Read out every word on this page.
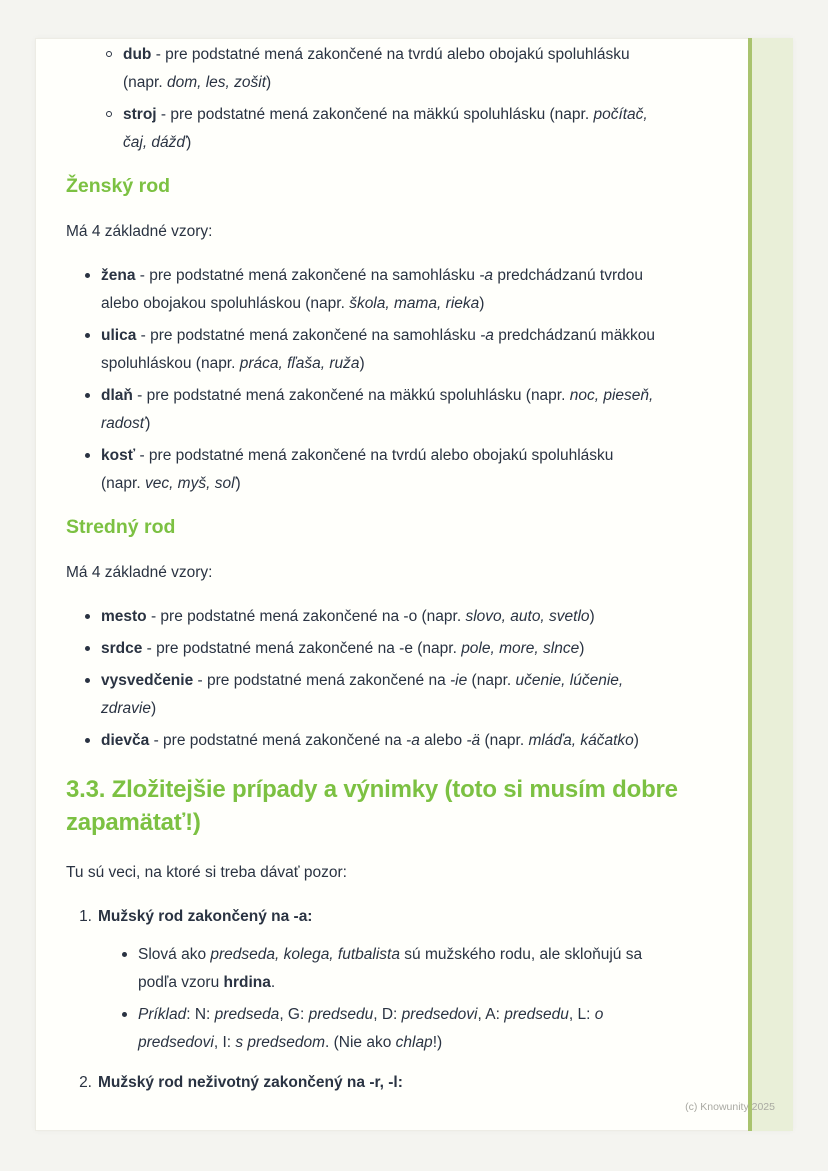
dub - pre podstatné mená zakončené na tvrdú alebo obojakú spoluhlásku (napr. dom, les, zošit)
stroj - pre podstatné mená zakončené na mäkkú spoluhlásku (napr. počítač, čaj, dážď)
Ženský rod

Má 4 základné vzory:

žena - pre podstatné mená zakončené na samohlásku -a predchádzanú tvrdou alebo obojakou spoluhláskou (napr. škola, mama, rieka)
ulica - pre podstatné mená zakončené na samohlásku -a predchádzanú mäkkou spoluhláskou (napr. práca, fľaša, ruža)
dlaň - pre podstatné mená zakončené na mäkkú spoluhlásku (napr. noc, pieseň, radosť)
kosť - pre podstatné mená zakončené na tvrdú alebo obojakú spoluhlásku (napr. vec, myš, soľ)
Stredný rod

Má 4 základné vzory:

mesto - pre podstatné mená zakončené na -o (napr. slovo, auto, svetlo)
srdce - pre podstatné mená zakončené na -e (napr. pole, more, slnce)
vysvedčenie - pre podstatné mená zakončené na -ie (napr. učenie, lúčenie, zdravie)
dievča - pre podstatné mená zakončené na -a alebo -ä (napr. mláďa, káčatko)
3.3. Zložitejšie prípady a výnimky (toto si musím dobre zapamätať!)

Tu sú veci, na ktoré si treba dávať pozor:

1. Mužský rod zakončený na -a:
Slová ako predseda, kolega, futbalista sú mužského rodu, ale skloňujú sa podľa vzoru hrdina.
Príklad: N: predseda, G: predsedu, D: predsedovi, A: predsedu, L: o predsedovi, I: s predsedom. (Nie ako chlap!)
2. Mužský rod neživotný zakončený na -r, -l:
(c) Knowunity 2025
